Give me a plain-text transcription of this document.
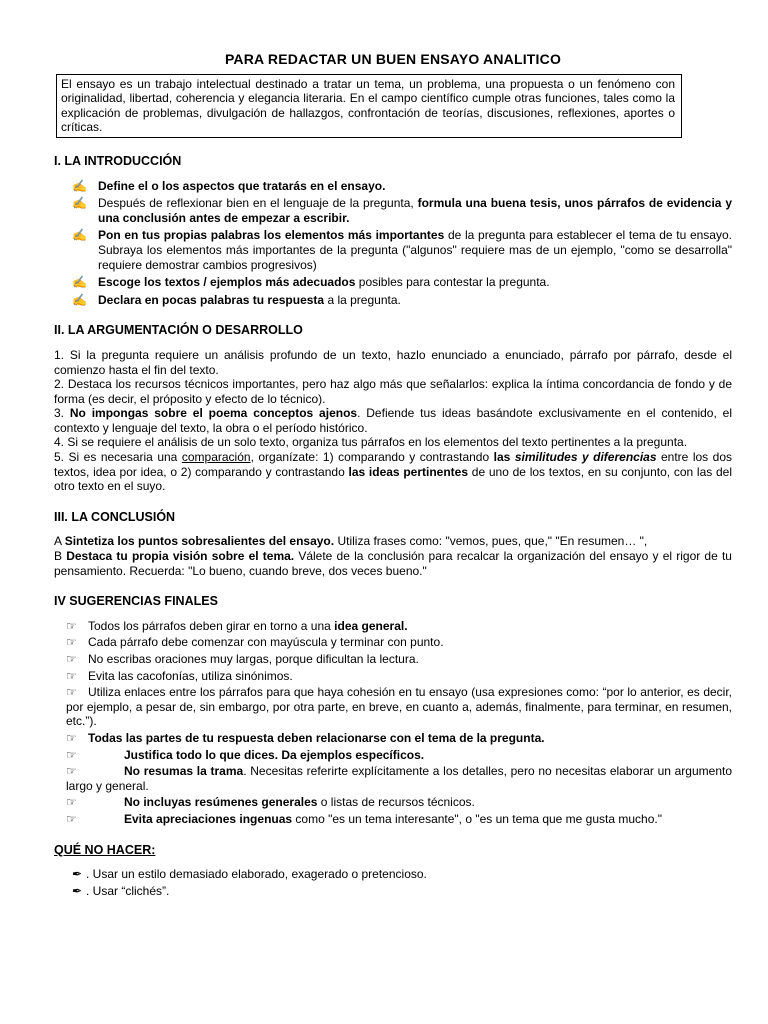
PARA REDACTAR UN BUEN ENSAYO ANALITICO
El ensayo es un trabajo intelectual destinado a tratar un tema, un problema, una propuesta o un fenómeno con originalidad, libertad, coherencia y elegancia literaria. En el campo científico cumple otras funciones, tales como la explicación de problemas, divulgación de hallazgos, confrontación de teorías, discusiones, reflexiones, aportes o críticas.
I. LA INTRODUCCIÓN
✍ Define el o los aspectos que tratarás en el ensayo.
✍ Después de reflexionar bien en el lenguaje de la pregunta, formula una buena tesis, unos párrafos de evidencia y una conclusión antes de empezar a escribir.
✍ Pon en tus propias palabras los elementos más importantes de la pregunta para establecer el tema de tu ensayo. Subraya los elementos más importantes de la pregunta ("algunos" requiere mas de un ejemplo, "como se desarrolla" requiere demostrar cambios progresivos)
✍ Escoge los textos / ejemplos más adecuados posibles para contestar la pregunta.
✍ Declara en pocas palabras tu respuesta a la pregunta.
II. LA ARGUMENTACIÓN O DESARROLLO

1. Si la pregunta requiere un análisis profundo de un texto, hazlo enunciado a enunciado, párrafo por párrafo, desde el comienzo hasta el fin del texto.

2. Destaca los recursos técnicos importantes, pero haz algo más que señalarlos: explica la íntima concordancia de fondo y de forma (es decir, el próposito y efecto de lo técnico).

3. No impongas sobre el poema conceptos ajenos. Defiende tus ideas basándote exclusivamente en el contenido, el contexto y lenguaje del texto, la obra o el período histórico.

4. Si se requiere el análisis de un solo texto, organiza tus párrafos en los elementos del texto pertinentes a la pregunta.

5. Si es necesaria una comparación, organízate: 1) comparando y contrastando las similitudes y diferencias entre los dos textos, idea por idea, o 2) comparando y contrastando las ideas pertinentes de uno de los textos, en su conjunto, con las del otro texto en el suyo.

III. LA CONCLUSIÓN

A Sintetiza los puntos sobresalientes del ensayo. Utiliza frases como: "vemos, pues, que," "En resumen… ",

B Destaca tu propia visión sobre el tema. Válete de la conclusión para recalcar la organización del ensayo y el rigor de tu pensamiento. Recuerda: "Lo bueno, cuando breve, dos veces bueno."

IV SUGERENCIAS FINALES
☞ Todos los párrafos deben girar en torno a una idea general.
☞ Cada párrafo debe comenzar con mayúscula y terminar con punto.
☞ No escribas oraciones muy largas, porque dificultan la lectura.
☞ Evita las cacofonías, utiliza sinónimos.
☞ Utiliza enlaces entre los párrafos para que haya cohesión en tu ensayo (usa expresiones como: “por lo anterior, es decir, por ejemplo, a pesar de, sin embargo, por otra parte, en breve, en cuanto a, además, finalmente, para terminar, en resumen, etc.”).
☞ Todas las partes de tu respuesta deben relacionarse con el tema de la pregunta.
☞	Justifica todo lo que dices. Da ejemplos específicos.
☞	No resumas la trama. Necesitas referirte explícitamente a los detalles, pero no necesitas elaborar un argumento largo y general.
☞	No incluyas resúmenes generales o listas de recursos técnicos.
☞	Evita apreciaciones ingenuas como "es un tema interesante", o "es un tema que me gusta mucho."
QUÉ NO HACER:
✒ . Usar un estilo demasiado elaborado, exagerado o pretencioso.
✒ . Usar “clichés”.
